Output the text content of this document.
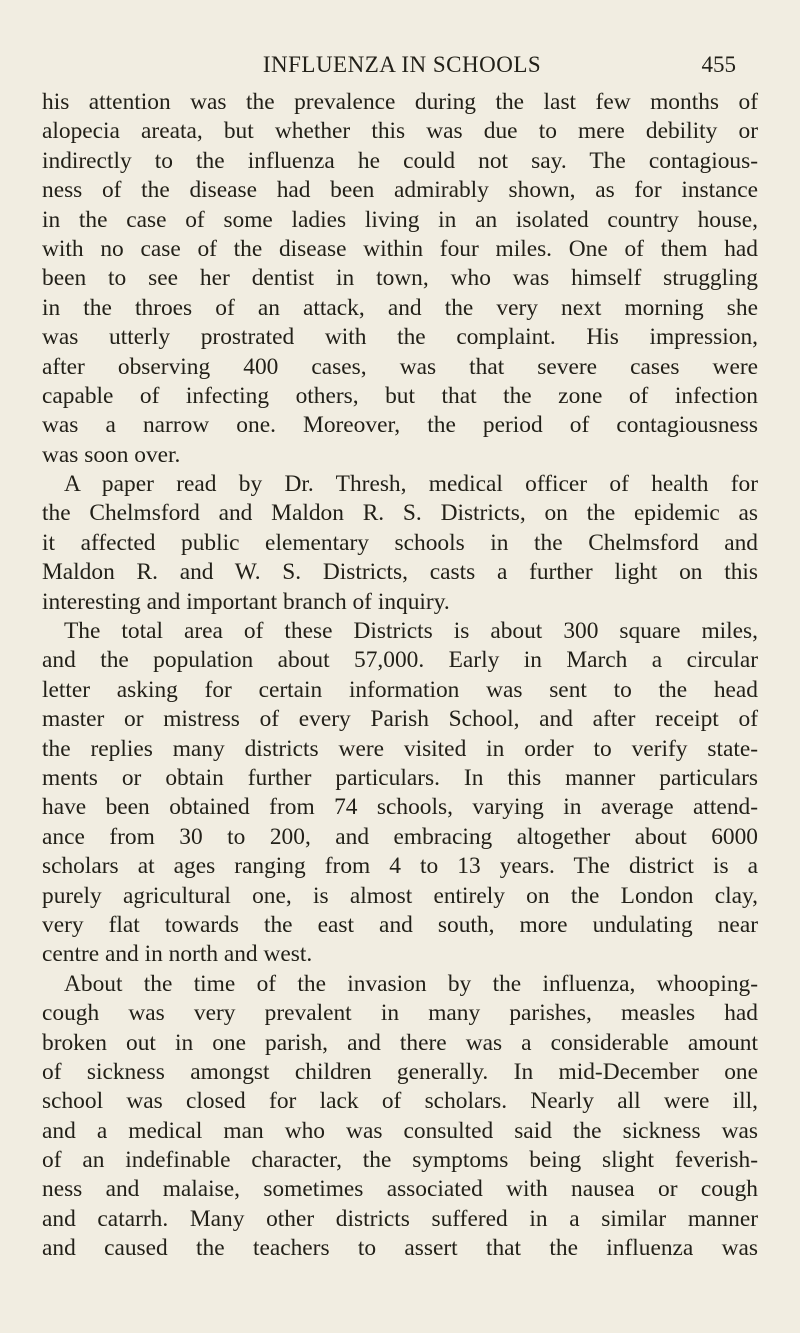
INFLUENZA IN SCHOOLS	455
his attention was the prevalence during the last few months of
alopecia areata, but whether this was due to mere debility or
indirectly to the influenza he could not say. The contagious-
ness of the disease had been admirably shown, as for instance
in the case of some ladies living in an isolated country house,
with no case of the disease within four miles. One of them had
been to see her dentist in town, who was himself struggling
in the throes of an attack, and the very next morning she
was utterly prostrated with the complaint. His impression,
after observing 400 cases, was that severe cases were
capable of infecting others, but that the zone of infection
was a narrow one. Moreover, the period of contagiousness
was soon over.
A paper read by Dr. Thresh, medical officer of health for
the Chelmsford and Maldon R. S. Districts, on the epidemic as
it affected public elementary schools in the Chelmsford and
Maldon R. and W. S. Districts, casts a further light on this
interesting and important branch of inquiry.
The total area of these Districts is about 300 square miles,
and the population about 57,000. Early in March a circular
letter asking for certain information was sent to the head
master or mistress of every Parish School, and after receipt of
the replies many districts were visited in order to verify state-
ments or obtain further particulars. In this manner particulars
have been obtained from 74 schools, varying in average attend-
ance from 30 to 200, and embracing altogether about 6000
scholars at ages ranging from 4 to 13 years. The district is a
purely agricultural one, is almost entirely on the London clay,
very flat towards the east and south, more undulating near
centre and in north and west.
About the time of the invasion by the influenza, whooping-
cough was very prevalent in many parishes, measles had
broken out in one parish, and there was a considerable amount
of sickness amongst children generally. In mid-December one
school was closed for lack of scholars. Nearly all were ill,
and a medical man who was consulted said the sickness was
of an indefinable character, the symptoms being slight feverish-
ness and malaise, sometimes associated with nausea or cough
and catarrh. Many other districts suffered in a similar manner
and caused the teachers to assert that the influenza was
